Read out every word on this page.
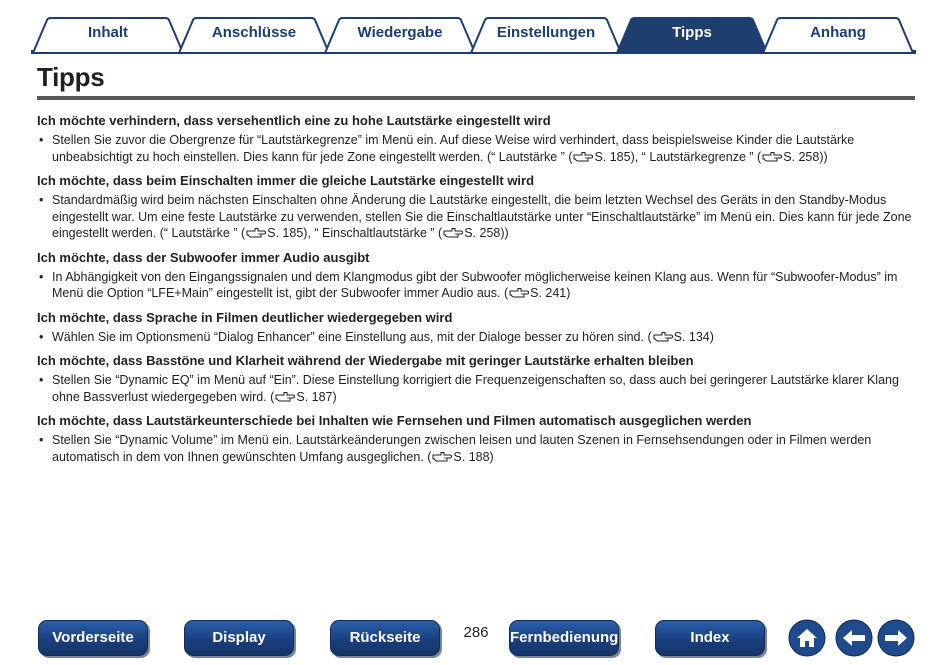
Inhalt	Anschlüsse	Wiedergabe	Einstellungen	Tipps	Anhang
Tipps
Ich möchte verhindern, dass versehentlich eine zu hohe Lautstärke eingestellt wird
• Stellen Sie zuvor die Obergrenze für “Lautstärkegrenze” im Menü ein. Auf diese Weise wird verhindert, dass beispielsweise Kinder die Lautstärke unbeabsichtigt zu hoch einstellen. Dies kann für jede Zone eingestellt werden. (“ Lautstärke ” ( S. 185), “ Lautstärkegrenze ” ( S. 258))
Ich möchte, dass beim Einschalten immer die gleiche Lautstärke eingestellt wird
• Standardmäßig wird beim nächsten Einschalten ohne Änderung die Lautstärke eingestellt, die beim letzten Wechsel des Geräts in den Standby-Modus eingestellt war. Um eine feste Lautstärke zu verwenden, stellen Sie die Einschaltlautstärke unter “Einschaltlautstärke” im Menü ein. Dies kann für jede Zone eingestellt werden. (“ Lautstärke ” ( S. 185), “ Einschaltlautstärke ” ( S. 258))
Ich möchte, dass der Subwoofer immer Audio ausgibt
• In Abhängigkeit von den Eingangssignalen und dem Klangmodus gibt der Subwoofer möglicherweise keinen Klang aus. Wenn für “Subwoofer-Modus” im Menü die Option “LFE+Main” eingestellt ist, gibt der Subwoofer immer Audio aus. ( S. 241)
Ich möchte, dass Sprache in Filmen deutlicher wiedergegeben wird
• Wählen Sie im Optionsmenü “Dialog Enhancer” eine Einstellung aus, mit der Dialoge besser zu hören sind. ( S. 134)
Ich möchte, dass Basstöne und Klarheit während der Wiedergabe mit geringer Lautstärke erhalten bleiben
• Stellen Sie “Dynamic EQ” im Menü auf “Ein”. Diese Einstellung korrigiert die Frequenzeigenschaften so, dass auch bei geringerer Lautstärke klarer Klang ohne Bassverlust wiedergegeben wird. ( S. 187)
Ich möchte, dass Lautstärkeunterschiede bei Inhalten wie Fernsehen und Filmen automatisch ausgeglichen werden
• Stellen Sie “Dynamic Volume” im Menü ein. Lautstärkeänderungen zwischen leisen und lauten Szenen in Fernsehsendungen oder in Filmen werden automatisch in dem von Ihnen gewünschten Umfang ausgeglichen. ( S. 188)
Vorderseite	Display	Rückseite	286	Fernbedienung	Index
